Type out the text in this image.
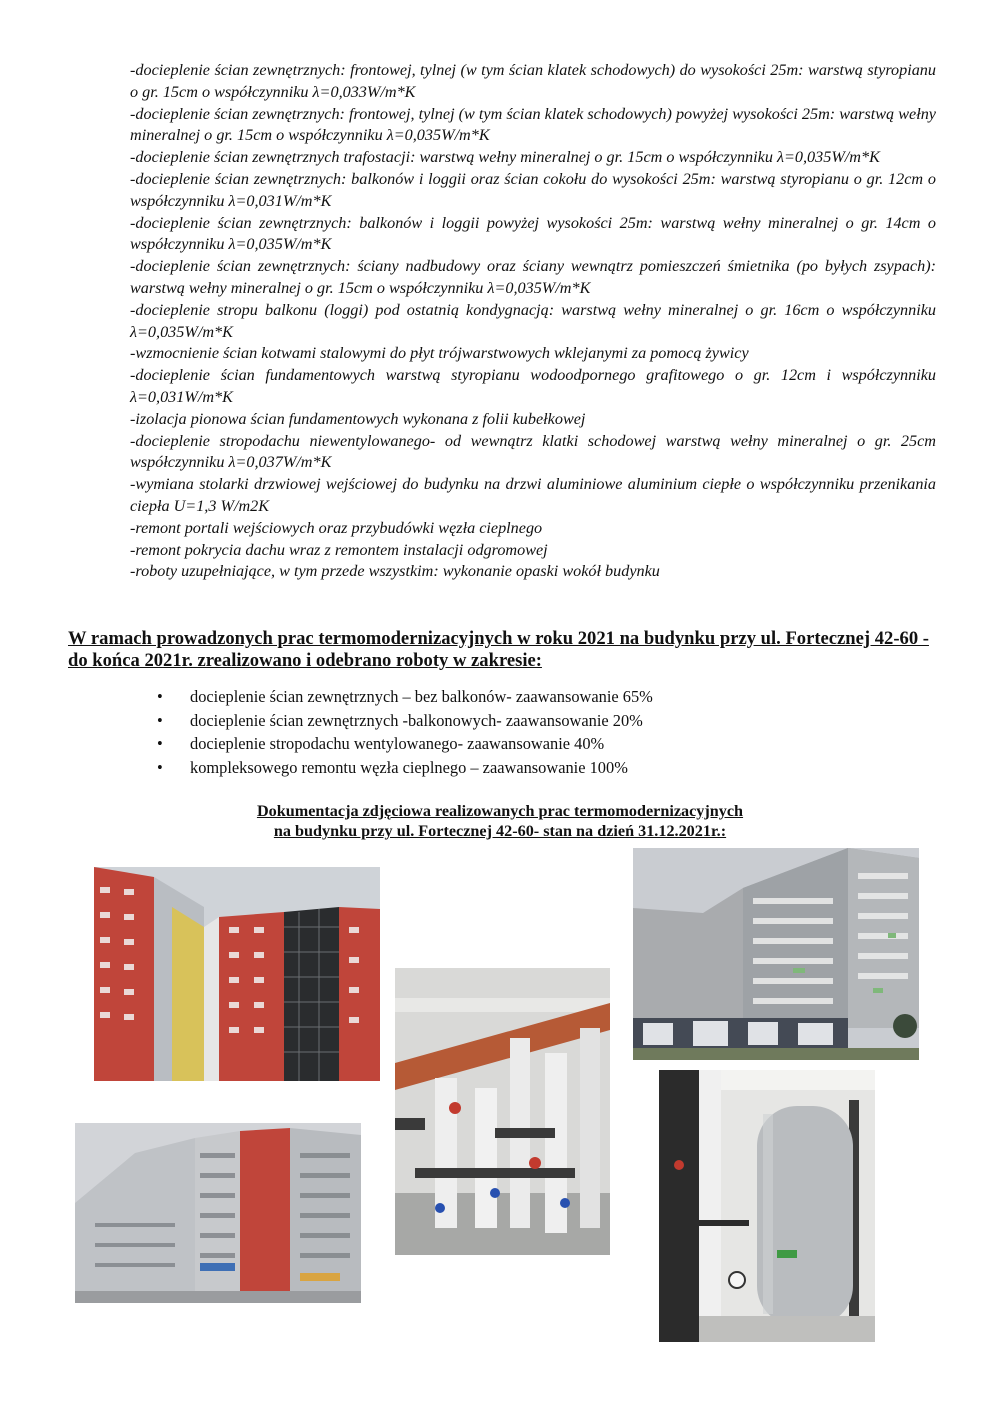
-docieplenie ścian zewnętrznych: frontowej, tylnej (w tym ścian klatek schodowych) do wysokości 25m: warstwą styropianu o gr. 15cm o współczynniku λ=0,033W/m*K
-docieplenie ścian zewnętrznych: frontowej, tylnej (w tym ścian klatek schodowych) powyżej wysokości 25m: warstwą wełny mineralnej o gr. 15cm o współczynniku λ=0,035W/m*K
-docieplenie ścian zewnętrznych trafostacji: warstwą wełny mineralnej o gr. 15cm o współczynniku λ=0,035W/m*K
-docieplenie ścian zewnętrznych: balkonów i loggii oraz ścian cokołu do wysokości 25m: warstwą styropianu o gr. 12cm o współczynniku λ=0,031W/m*K
-docieplenie ścian zewnętrznych: balkonów i loggii powyżej wysokości 25m: warstwą wełny mineralnej o gr. 14cm o współczynniku λ=0,035W/m*K
-docieplenie ścian zewnętrznych: ściany nadbudowy oraz ściany wewnątrz pomieszczeń śmietnika (po byłych zsypach): warstwą wełny mineralnej o gr. 15cm o współczynniku λ=0,035W/m*K
-docieplenie stropu balkonu (loggi) pod ostatnią kondygnacją: warstwą wełny mineralnej o gr. 16cm o współczynniku λ=0,035W/m*K
-wzmocnienie ścian kotwami stalowymi do płyt trójwarstwowych wklejanymi za pomocą żywicy
-docieplenie ścian fundamentowych warstwą styropianu wodoodpornego grafitowego o gr. 12cm i współczynniku λ=0,031W/m*K
-izolacja pionowa ścian fundamentowych wykonana z folii kubełkowej
-docieplenie stropodachu niewentylowanego- od wewnątrz klatki schodowej warstwą wełny mineralnej o gr. 25cm współczynniku λ=0,037W/m*K
-wymiana stolarki drzwiowej wejściowej do budynku na drzwi aluminiowe aluminium ciepłe o współczynniku przenikania ciepła U=1,3 W/m2K
-remont portali wejściowych oraz przybudówki węzła cieplnego
-remont pokrycia dachu wraz z remontem instalacji odgromowej
-roboty uzupełniające, w tym przede wszystkim: wykonanie opaski wokół budynku

W ramach prowadzonych prac termomodernizacyjnych w roku 2021 na budynku przy ul. Fortecznej 42-60 - do końca 2021r. zrealizowano i odebrano roboty w zakresie:

• docieplenie ścian zewnętrznych – bez balkonów- zaawansowanie 65%
• docieplenie ścian zewnętrznych -balkonowych- zaawansowanie 20%
• docieplenie stropodachu wentylowanego- zaawansowanie 40%
• kompleksowego remontu węzła cieplnego – zaawansowanie 100%
Dokumentacja zdjęciowa realizowanych prac termomodernizacyjnych
na budynku przy ul. Fortecznej 42-60- stan na dzień 31.12.2021r.:
